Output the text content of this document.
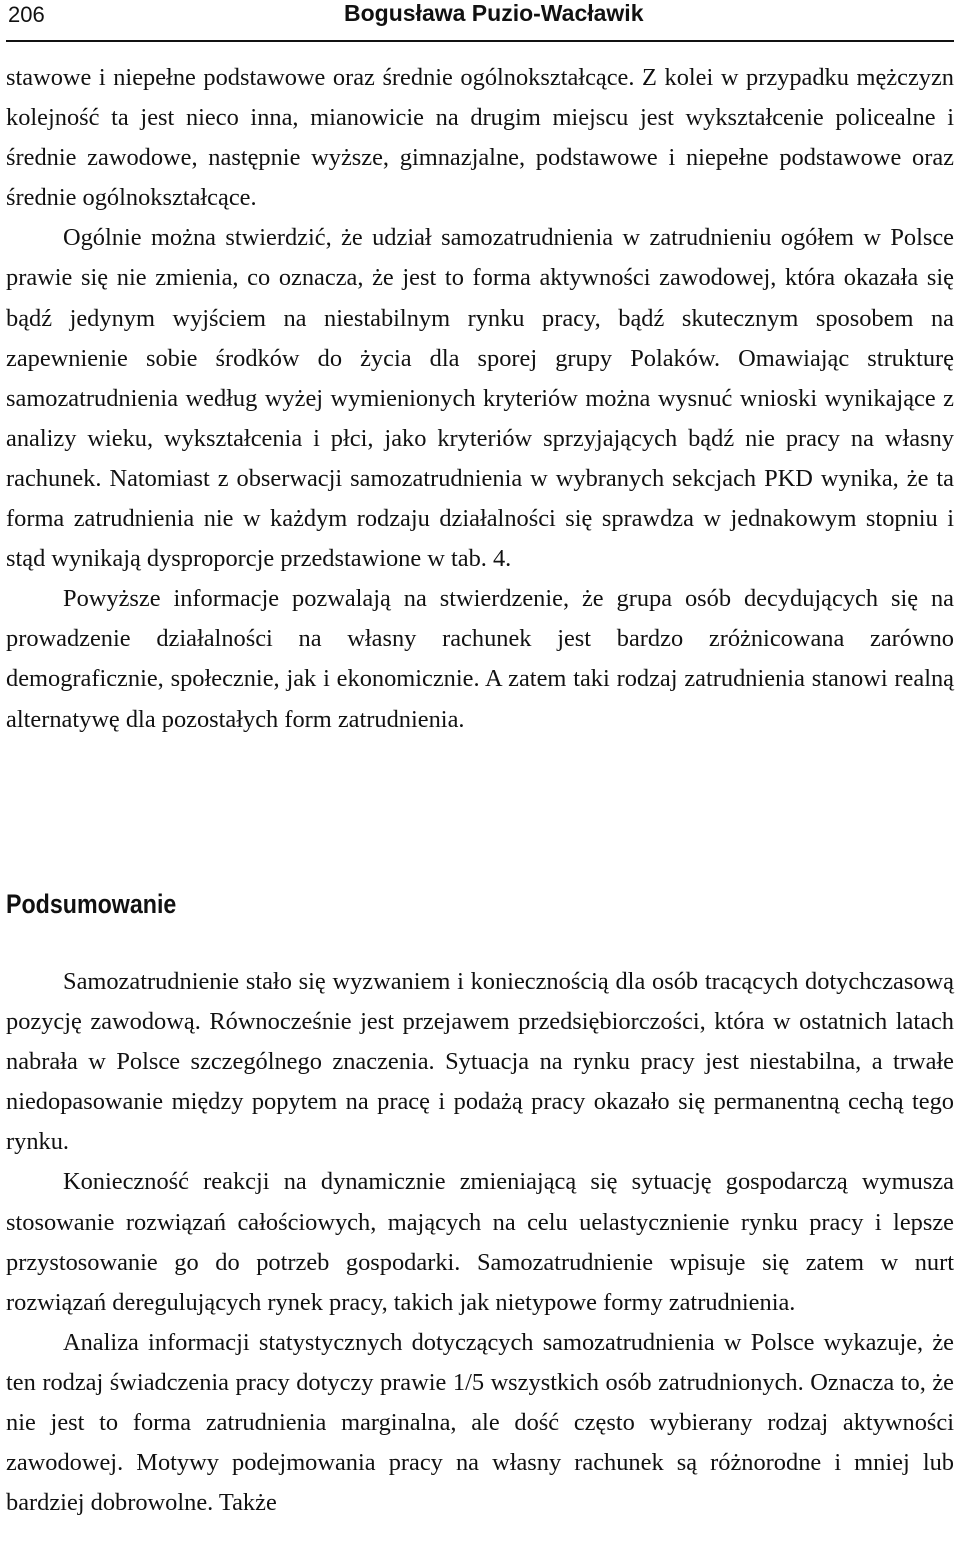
206	Bogusława Puzio-Wacławik

stawowe i niepełne podstawowe oraz średnie ogólnokształcące. Z kolei w przypadku mężczyzn kolejność ta jest nieco inna, mianowicie na drugim miejscu jest wykształcenie policealne i średnie zawodowe, następnie wyższe, gimnazjalne, podstawowe i niepełne podstawowe oraz średnie ogólnokształcące.

Ogólnie można stwierdzić, że udział samozatrudnienia w zatrudnieniu ogółem w Polsce prawie się nie zmienia, co oznacza, że jest to forma aktywności zawodowej, która okazała się bądź jedynym wyjściem na niestabilnym rynku pracy, bądź skutecznym sposobem na zapewnienie sobie środków do życia dla sporej grupy Polaków. Omawiając strukturę samozatrudnienia według wyżej wymienionych kryteriów można wysnuć wnioski wynikające z analizy wieku, wykształcenia i płci, jako kryteriów sprzyjających bądź nie pracy na własny rachunek. Natomiast z obserwacji samozatrudnienia w wybranych sekcjach PKD wynika, że ta forma zatrudnienia nie w każdym rodzaju działalności się sprawdza w jednakowym stopniu i stąd wynikają dysproporcje przedstawione w tab. 4.

Powyższe informacje pozwalają na stwierdzenie, że grupa osób decydujących się na prowadzenie działalności na własny rachunek jest bardzo zróżnicowana zarówno demograficznie, społecznie, jak i ekonomicznie. A zatem taki rodzaj zatrudnienia stanowi realną alternatywę dla pozostałych form zatrudnienia.

Podsumowanie

Samozatrudnienie stało się wyzwaniem i koniecznością dla osób tracących dotychczasową pozycję zawodową. Równocześnie jest przejawem przedsiębiorczości, która w ostatnich latach nabrała w Polsce szczególnego znaczenia. Sytuacja na rynku pracy jest niestabilna, a trwałe niedopasowanie między popytem na pracę i podażą pracy okazało się permanentną cechą tego rynku.

Konieczność reakcji na dynamicznie zmieniającą się sytuację gospodarczą wymusza stosowanie rozwiązań całościowych, mających na celu uelastycznienie rynku pracy i lepsze przystosowanie go do potrzeb gospodarki. Samozatrudnienie wpisuje się zatem w nurt rozwiązań deregulujących rynek pracy, takich jak nietypowe formy zatrudnienia.

Analiza informacji statystycznych dotyczących samozatrudnienia w Polsce wykazuje, że ten rodzaj świadczenia pracy dotyczy prawie 1/5 wszystkich osób zatrudnionych. Oznacza to, że nie jest to forma zatrudnienia marginalna, ale dość często wybierany rodzaj aktywności zawodowej. Motywy podejmowania pracy na własny rachunek są różnorodne i mniej lub bardziej dobrowolne. Także
